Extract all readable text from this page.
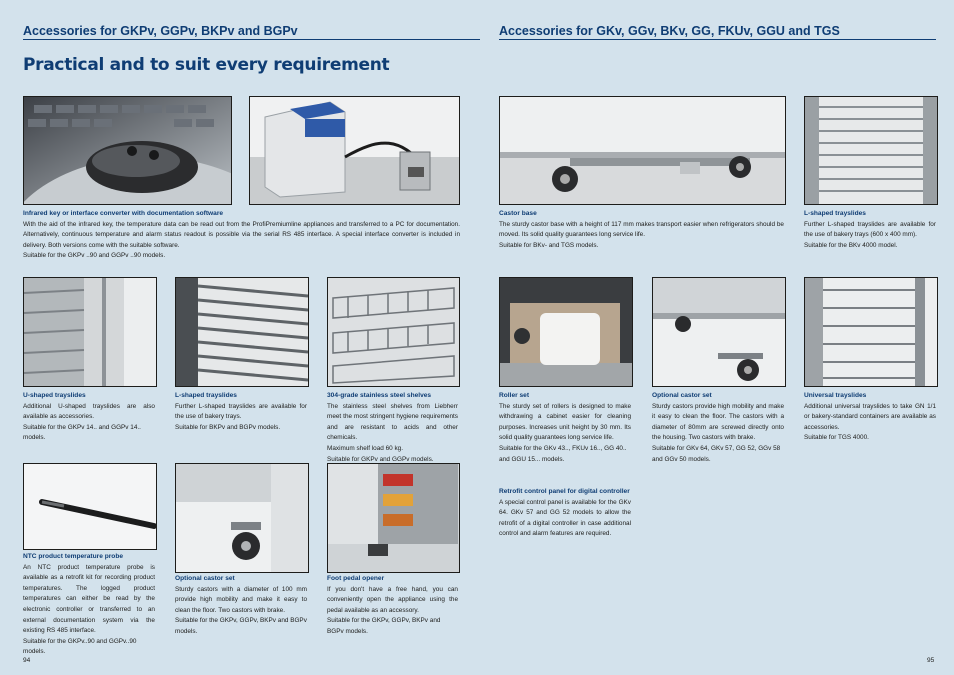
Accessories for GKPv, GGPv, BKPv and BGPv	Accessories for GKv, GGv, BKv, GG, FKUv, GGU and TGS
Practical and to suit every requirement
Infrared key or interface converter with documentation software

With the aid of the infrared key, the temperature data can be read out from the ProfiPremiumline appliances and transferred to a PC for documentation. Alternatively, continuous temperature and alarm status readout is possible via the serial RS 485 interface. A special interface converter is included in delivery. Both versions come with the suitable software.

Suitable for the GKPv ..90 and GGPv ..90 models.

Castor base

The sturdy castor base with a height of 117 mm makes transport easier when refrigerators should be moved. Its solid quality guarantees long service life.

Suitable for BKv- and TGS models.

L-shaped trayslides

Further L-shaped trayslides are available for the use of bakery trays (600 x 400 mm).

Suitable for the BKv 4000 model.

U-shaped trayslides

Additional U-shaped trayslides are also available as accessories.

Suitable for the GKPv 14.. and GGPv 14.. models.

L-shaped trayslides

Further L-shaped trayslides are available for the use of bakery trays.

Suitable for BKPv and BGPv models.

304-grade stainless steel shelves

The stainless steel shelves from Liebherr meet the most stringent hygiene requirements and are resistant to acids and other chemicals.

Maximum shelf load 60 kg.

Suitable for GKPv and GGPv models.

Roller set

The sturdy set of rollers is designed to make withdrawing a cabinet easier for cleaning purposes. Increases unit height by 30 mm. Its solid quality guarantees long service life.

Suitable for the GKv 43.., FKUv 16.., GG 40.. and GGU 15... models.

Optional castor set

Sturdy castors provide high mobility and make it easy to clean the floor. The castors with a diameter of 80mm are screwed directly onto the housing. Two castors with brake.

Suitable for GKv 64, GKv 57, GG 52, GGv 58 and GGv 50 models.

Universal trayslides

Additional universal trayslides to take GN 1/1 or bakery-standard containers are available as accessories.

Suitable for TGS 4000.

Retrofit control panel for digital controller

A special control panel is available for the GKv 64. GKv 57 and GG 52 models to allow the retrofit of a digital controller in case additional control and alarm features are required.

NTC product temperature probe

An NTC product temperature probe is available as a retrofit kit for recording product temperatures. The logged product temperatures can either be read by the electronic controller or transferred to an external documentation system via the existing RS 485 interface.

Suitable for the GKPv..90 and GGPv..90 models.

Optional castor set

Sturdy castors with a diameter of 100 mm provide high mobility and make it easy to clean the floor. Two castors with brake.

Suitable for the GKPv, GGPv, BKPv and BGPv models.

Foot pedal opener

If you don't have a free hand, you can conveniently open the appliance using the pedal available as an accessory.

Suitable for the GKPv, GGPv, BKPv and BGPv models.

94	95
